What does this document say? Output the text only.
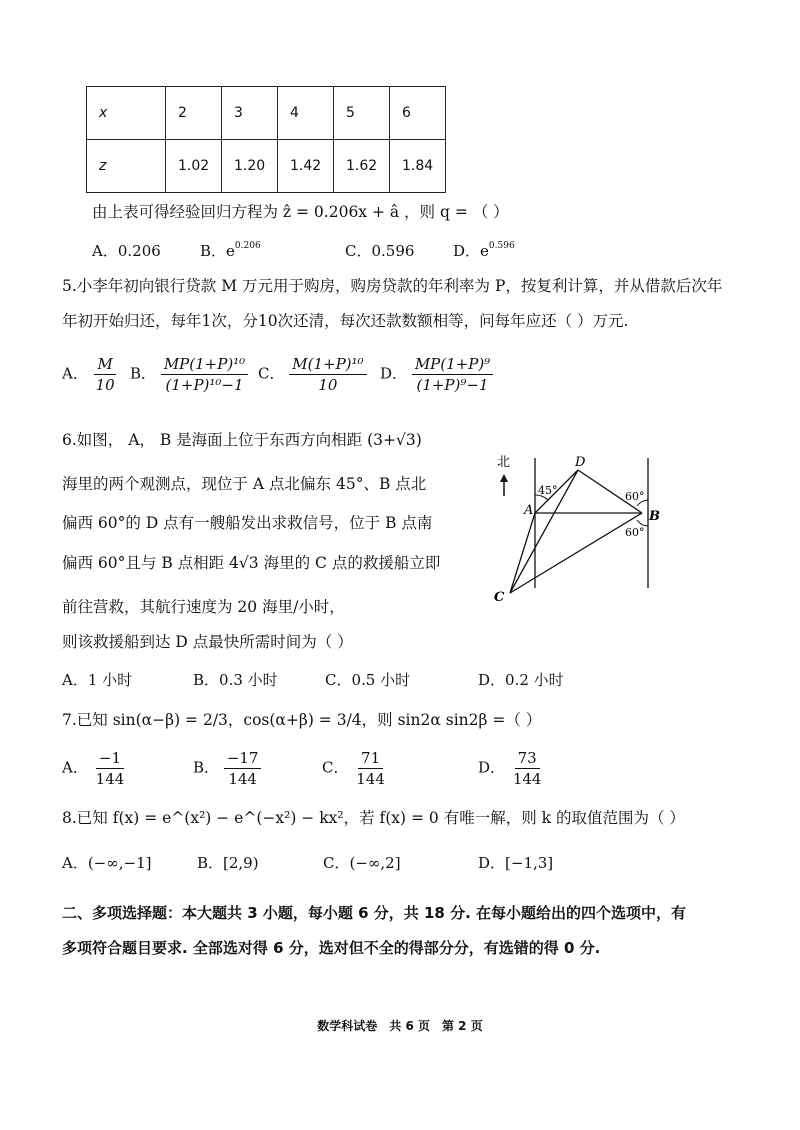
x	2	3	4	5	6
z	1.02	1.20	1.42	1.62	1.84
由上表可得经验回归方程为 ẑ = 0.206x + â ，则 q = （ ）
A．0.206	B．$e^{0.206}$	C．0.596	D．$e^{0.596}$
5.小李年初向银行贷款 M 万元用于购房，购房贷款的年利率为 P，按复利计算，并从借款后次年
年初开始归还，每年1次，分10次还清，每次还款数额相等，问每年应还（ ）万元.
A． $\frac{M}{10}$ B． $\frac{\text{MP(1+P)¹⁰}}{\text{(1+P)¹⁰−1}}$ C． $\frac{\text{M(1+P)¹⁰}}{10}$ D． $\frac{\text{MP(1+P)⁹}}{\text{(1+P)⁹−1}}$
6.如图， A， B 是海面上位于东西方向相距 (3+√3)
海里的两个观测点，现位于 A 点北偏东 45°、B 点北
偏西 60°的 D 点有一艘船发出求救信号，位于 B 点南
偏西 60°且与 B 点相距 4√3 海里的 C 点的救援船立即
前往营救，其航行速度为 20 海里/小时，
则该救援船到达 D 点最快所需时间为（ ）
北	D
A	B
C
45°	60°
60°
A．1 小时	B．0.3 小时	C．0.5 小时	D．0.2 小时
7.已知 sin(α−β) = 2/3，cos(α+β) = 3/4，则 sin2α sin2β =（ ）
A． $\frac{-1}{144}$	B． $\frac{-17}{144}$	C． $\frac{71}{144}$	D． $\frac{73}{144}$
8.已知 f(x) = e^(x²) − e^(−x²) − kx²，若 f(x) = 0 有唯一解，则 k 的取值范围为（ ）
A．(−∞,−1]	B．[2,9)	C．(−∞,2]	D．[−1,3]
二、多项选择题：本大题共 3 小题，每小题 6 分，共 18 分. 在每小题给出的四个选项中，有
多项符合题目要求. 全部选对得 6 分，选对但不全的得部分分，有选错的得 0 分.
数学科试卷　共 6 页　第 2 页
